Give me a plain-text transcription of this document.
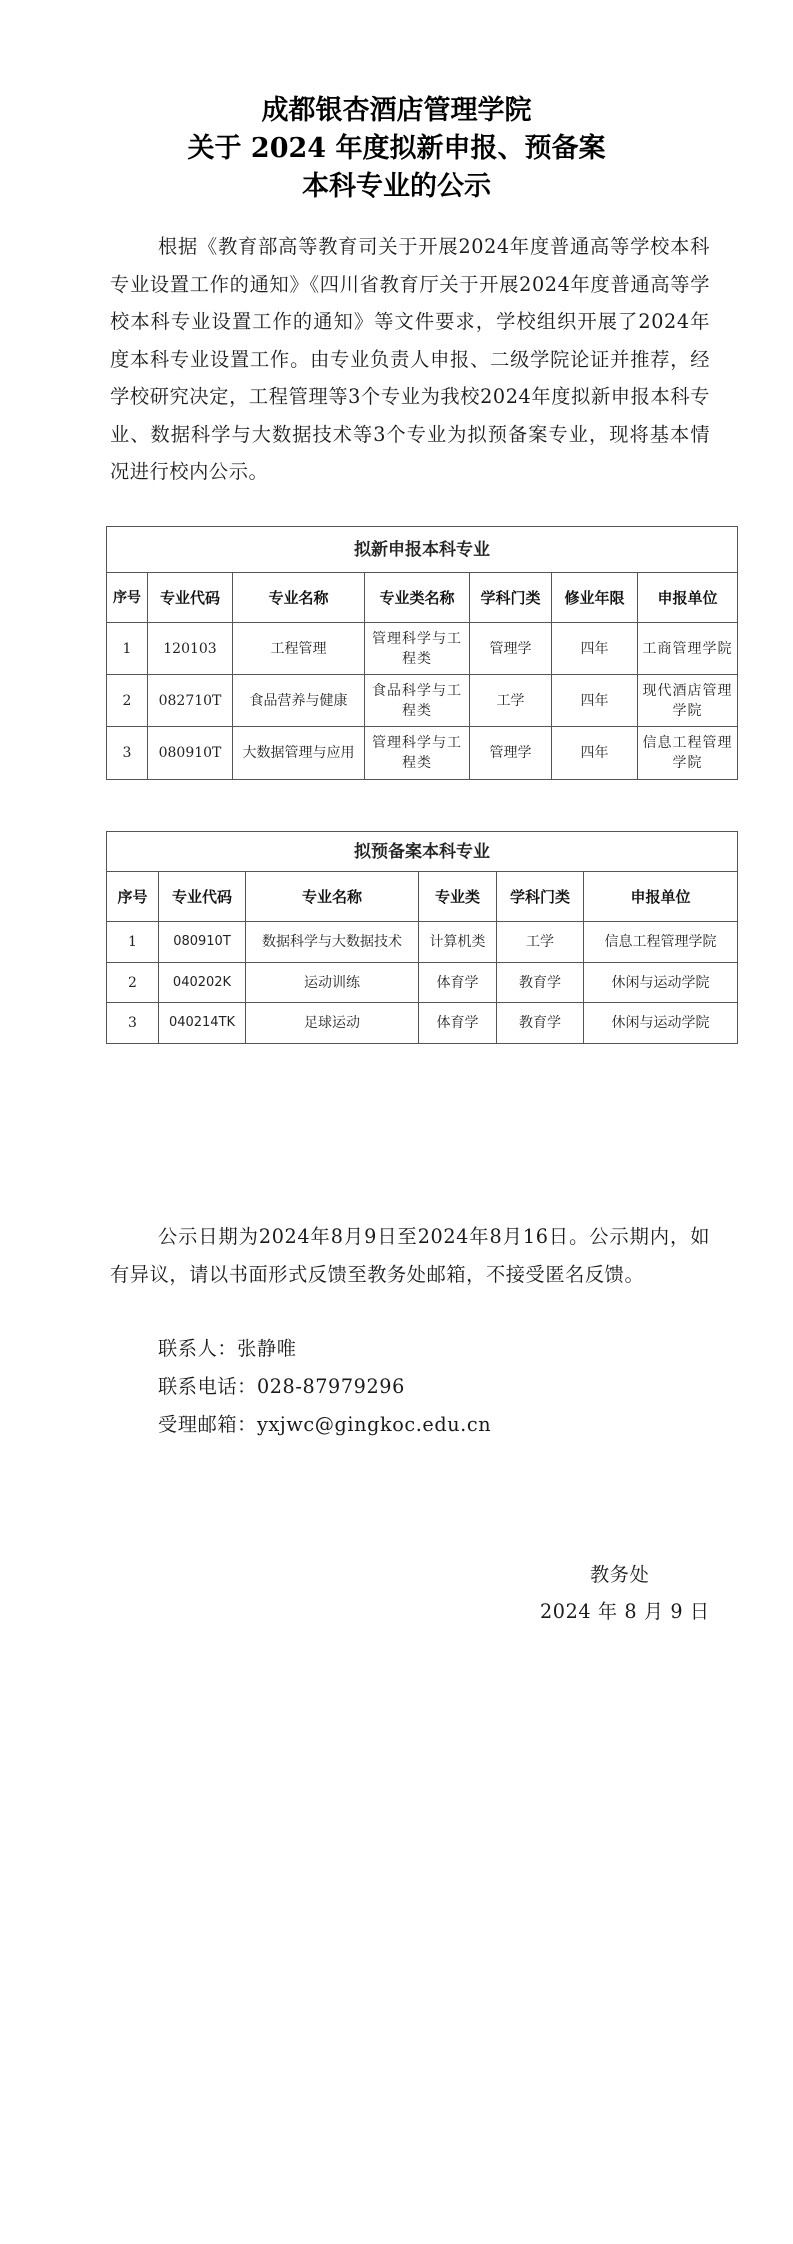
成都银杏酒店管理学院
关于 2024 年度拟新申报、预备案
本科专业的公示
根据《教育部高等教育司关于开展2024年度普通高等学校本科专业设置工作的通知》《四川省教育厅关于开展2024年度普通高等学校本科专业设置工作的通知》等文件要求，学校组织开展了2024年度本科专业设置工作。由专业负责人申报、二级学院论证并推荐，经学校研究决定，工程管理等3个专业为我校2024年度拟新申报本科专业、数据科学与大数据技术等3个专业为拟预备案专业，现将基本情况进行校内公示。
拟新申报本科专业						
序号	专业代码	专业名称	专业类名称	学科门类	修业年限	申报单位
1	120103	工程管理	管理科学与工程类	管理学	四年	工商管理学院
2	082710T	食品营养与健康	食品科学与工程类	工学	四年	现代酒店管理学院
3	080910T	大数据管理与应用	管理科学与工程类	管理学	四年	信息工程管理学院
拟预备案本科专业					
序号	专业代码	专业名称	专业类	学科门类	申报单位
1	080910T	数据科学与大数据技术	计算机类	工学	信息工程管理学院
2	040202K	运动训练	体育学	教育学	休闲与运动学院
3	040214TK	足球运动	体育学	教育学	休闲与运动学院
公示日期为2024年8月9日至2024年8月16日。公示期内，如有异议，请以书面形式反馈至教务处邮箱，不接受匿名反馈。
联系人：张静唯
联系电话：028-87979296
受理邮箱：yxjwc@gingkoc.edu.cn
教务处
2024 年 8 月 9 日
